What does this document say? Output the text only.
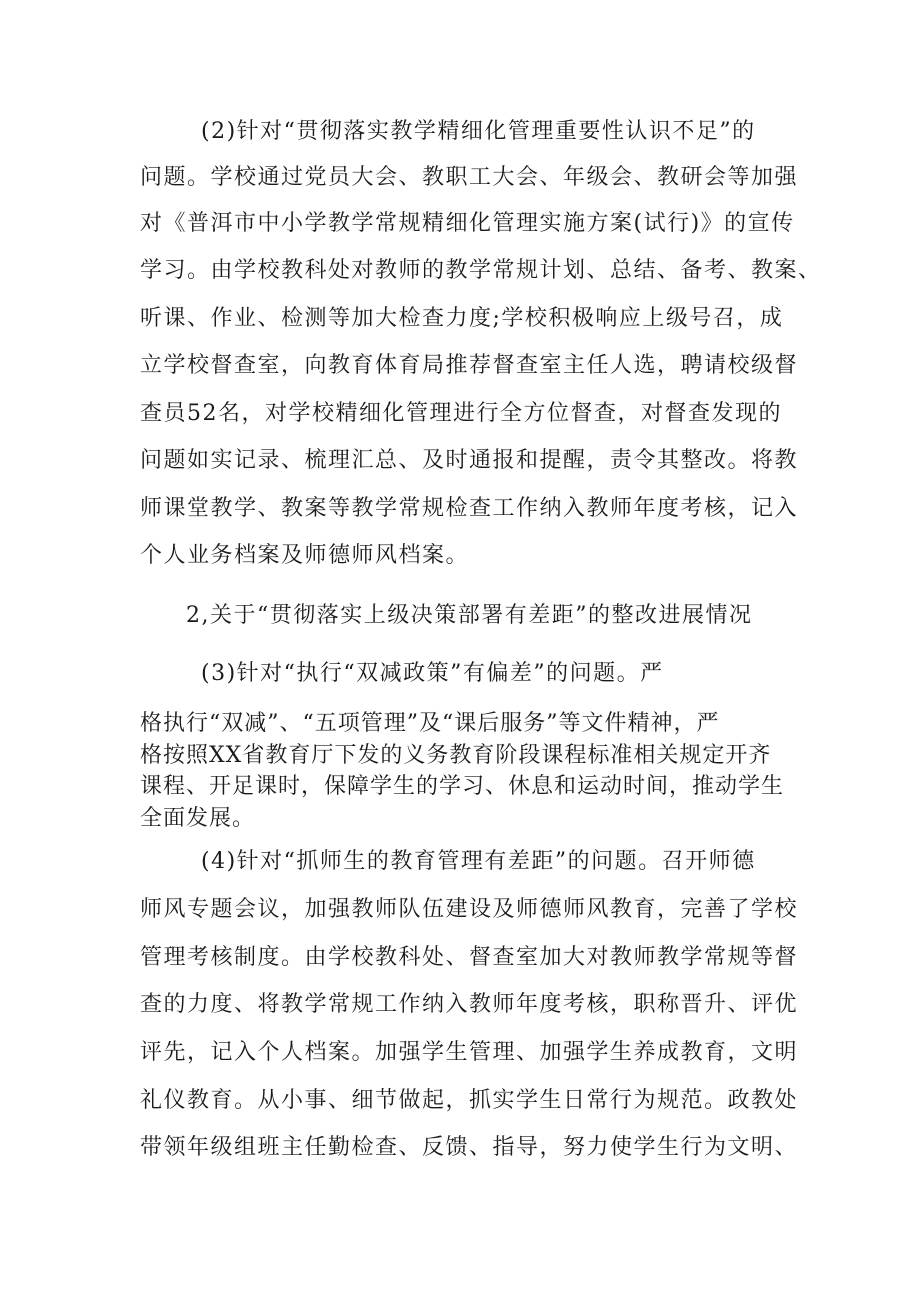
(2)针对“贯彻落实教学精细化管理重要性认识不足”的
问题。学校通过党员大会、教职工大会、年级会、教研会等加强
对《普洱市中小学教学常规精细化管理实施方案(试行)》的宣传
学习。由学校教科处对教师的教学常规计划、总结、备考、教案、
听课、作业、检测等加大检查力度;学校积极响应上级号召，成
立学校督查室，向教育体育局推荐督查室主任人选，聘请校级督
查员52名，对学校精细化管理进行全方位督查，对督查发现的
问题如实记录、梳理汇总、及时通报和提醒，责令其整改。将教
师课堂教学、教案等教学常规检查工作纳入教师年度考核，记入
个人业务档案及师德师风档案。
2,关于“贯彻落实上级决策部署有差距”的整改进展情况
(3)针对“执行“双减政策”有偏差”的问题。严
格执行“双减”、“五项管理”及“课后服务”等文件精神，严
格按照XX省教育厅下发的义务教育阶段课程标准相关规定开齐
课程、开足课时，保障学生的学习、休息和运动时间，推动学生
全面发展。
(4)针对“抓师生的教育管理有差距”的问题。召开师德
师风专题会议，加强教师队伍建设及师德师风教育，完善了学校
管理考核制度。由学校教科处、督查室加大对教师教学常规等督
查的力度、将教学常规工作纳入教师年度考核，职称晋升、评优
评先，记入个人档案。加强学生管理、加强学生养成教育，文明
礼仪教育。从小事、细节做起，抓实学生日常行为规范。政教处
带领年级组班主任勤检查、反馈、指导，努力使学生行为文明、
